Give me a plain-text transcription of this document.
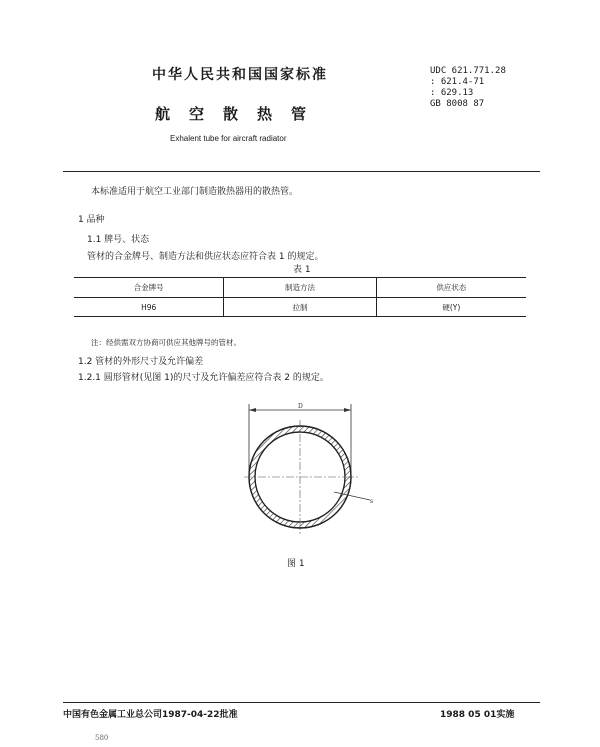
中华人民共和国国家标准	UDC 621.771.28
: 621.4-71
: 629.13
GB 8008 87
航空散热管
Exhalent tube for aircraft radiator
本标准适用于航空工业部门制造散热器用的散热管。
1 品种
1.1 牌号、状态
管材的合金牌号、制造方法和供应状态应符合表 1 的规定。
表 1
合金牌号	制造方法	供应状态
H96	拉制	硬(Y)
注：经供需双方协商可供应其他牌号的管材。
1.2 管材的外形尺寸及允许偏差
1.2.1 圆形管材(见图 1)的尺寸及允许偏差应符合表 2 的规定。
D
s
图 1
中国有色金属工业总公司1987-04-22批准	1988 05 01实施
580
